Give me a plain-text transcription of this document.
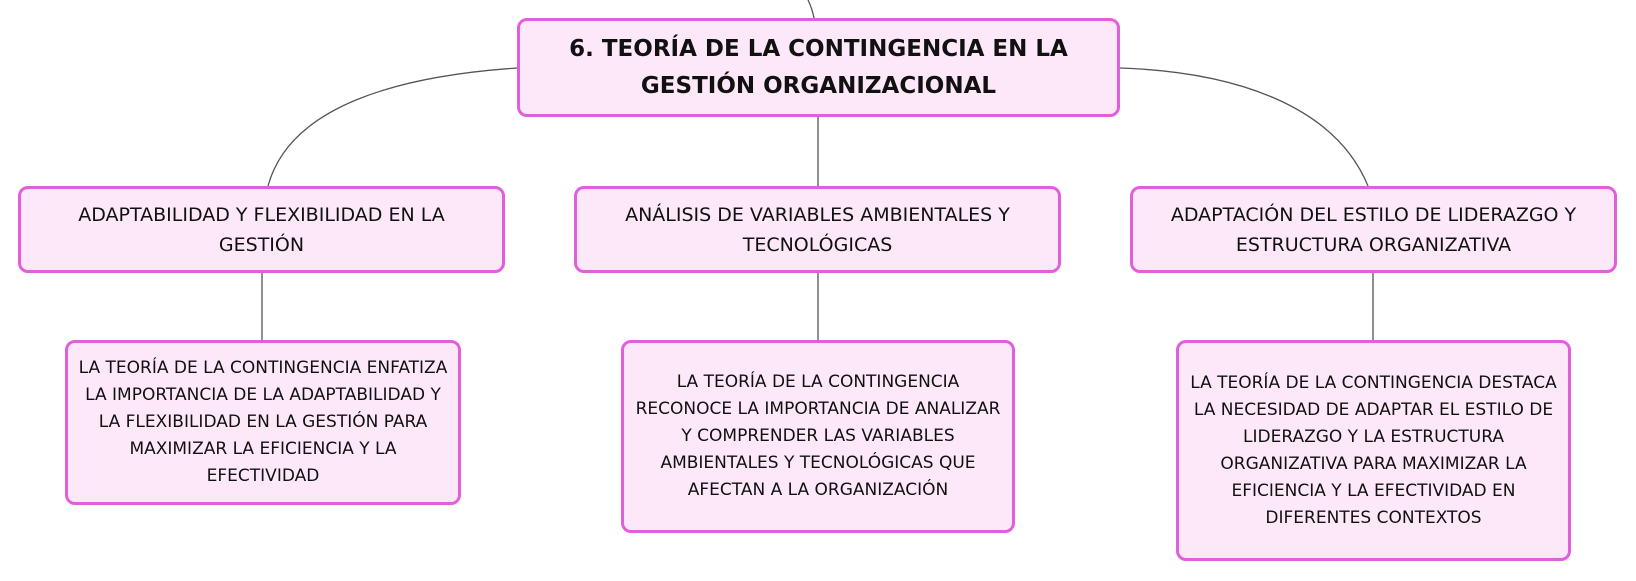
6. TEORÍA DE LA CONTINGENCIA EN LA GESTIÓN ORGANIZACIONAL
ADAPTABILIDAD Y FLEXIBILIDAD EN LA GESTIÓN
ANÁLISIS DE VARIABLES AMBIENTALES Y TECNOLÓGICAS
ADAPTACIÓN DEL ESTILO DE LIDERAZGO Y ESTRUCTURA ORGANIZATIVA
LA TEORÍA DE LA CONTINGENCIA ENFATIZA LA IMPORTANCIA DE LA ADAPTABILIDAD Y LA FLEXIBILIDAD EN LA GESTIÓN PARA MAXIMIZAR LA EFICIENCIA Y LA EFECTIVIDAD
LA TEORÍA DE LA CONTINGENCIA RECONOCE LA IMPORTANCIA DE ANALIZAR Y COMPRENDER LAS VARIABLES AMBIENTALES Y TECNOLÓGICAS QUE AFECTAN A LA ORGANIZACIÓN
LA TEORÍA DE LA CONTINGENCIA DESTACA LA NECESIDAD DE ADAPTAR EL ESTILO DE LIDERAZGO Y LA ESTRUCTURA ORGANIZATIVA PARA MAXIMIZAR LA EFICIENCIA Y LA EFECTIVIDAD EN DIFERENTES CONTEXTOS
